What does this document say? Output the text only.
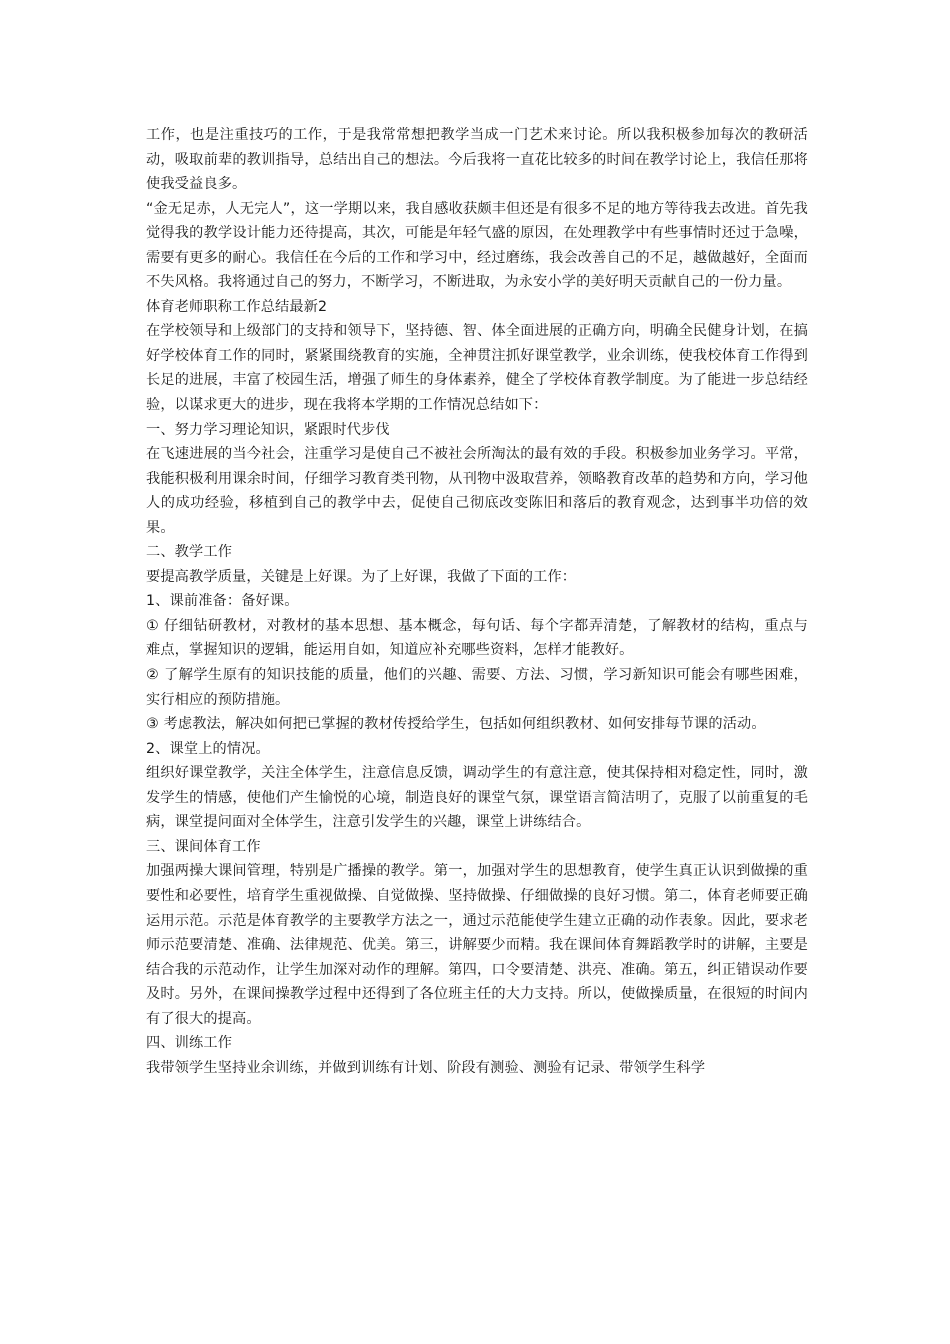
工作，也是注重技巧的工作，于是我常常想把教学当成一门艺术来讨论。所以我积极参加每次的教研活动，吸取前辈的教训指导，总结出自己的想法。今后我将一直花比较多的时间在教学讨论上，我信任那将使我受益良多。

“金无足赤，人无完人”，这一学期以来，我自感收获颇丰但还是有很多不足的地方等待我去改进。首先我觉得我的教学设计能力还待提高，其次，可能是年轻气盛的原因，在处理教学中有些事情时还过于急噪，需要有更多的耐心。我信任在今后的工作和学习中，经过磨练，我会改善自己的不足，越做越好，全面而不失风格。我将通过自己的努力，不断学习，不断进取，为永安小学的美好明天贡献自己的一份力量。

体育老师职称工作总结最新2

在学校领导和上级部门的支持和领导下，坚持德、智、体全面进展的正确方向，明确全民健身计划，在搞好学校体育工作的同时，紧紧围绕教育的实施，全神贯注抓好课堂教学，业余训练，使我校体育工作得到长足的进展，丰富了校园生活，增强了师生的身体素养，健全了学校体育教学制度。为了能进一步总结经验，以谋求更大的进步，现在我将本学期的工作情况总结如下：

一、努力学习理论知识，紧跟时代步伐

在飞速进展的当今社会，注重学习是使自己不被社会所淘汰的最有效的手段。积极参加业务学习。平常，我能积极利用课余时间，仔细学习教育类刊物，从刊物中汲取营养，领略教育改革的趋势和方向，学习他人的成功经验，移植到自己的教学中去，促使自己彻底改变陈旧和落后的教育观念，达到事半功倍的效果。

二、教学工作

要提高教学质量，关键是上好课。为了上好课，我做了下面的工作：

1、课前准备：备好课。

① 仔细钻研教材，对教材的基本思想、基本概念，每句话、每个字都弄清楚，了解教材的结构，重点与难点，掌握知识的逻辑，能运用自如，知道应补充哪些资料，怎样才能教好。

② 了解学生原有的知识技能的质量，他们的兴趣、需要、方法、习惯，学习新知识可能会有哪些困难，实行相应的预防措施。

③ 考虑教法，解决如何把已掌握的教材传授给学生，包括如何组织教材、如何安排每节课的活动。

2、课堂上的情况。

组织好课堂教学，关注全体学生，注意信息反馈，调动学生的有意注意，使其保持相对稳定性，同时，激发学生的情感，使他们产生愉悦的心境，制造良好的课堂气氛，课堂语言简洁明了，克服了以前重复的毛病，课堂提问面对全体学生，注意引发学生的兴趣，课堂上讲练结合。

三、课间体育工作

加强两操大课间管理，特别是广播操的教学。第一，加强对学生的思想教育，使学生真正认识到做操的重要性和必要性，培育学生重视做操、自觉做操、坚持做操、仔细做操的良好习惯。第二，体育老师要正确运用示范。示范是体育教学的主要教学方法之一，通过示范能使学生建立正确的动作表象。因此，要求老师示范要清楚、准确、法律规范、优美。第三，讲解要少而精。我在课间体育舞蹈教学时的讲解，主要是结合我的示范动作，让学生加深对动作的理解。第四，口令要清楚、洪亮、准确。第五，纠正错误动作要及时。另外，在课间操教学过程中还得到了各位班主任的大力支持。所以，使做操质量，在很短的时间内有了很大的提高。

四、训练工作

我带领学生坚持业余训练，并做到训练有计划、阶段有测验、测验有记录、带领学生科学
